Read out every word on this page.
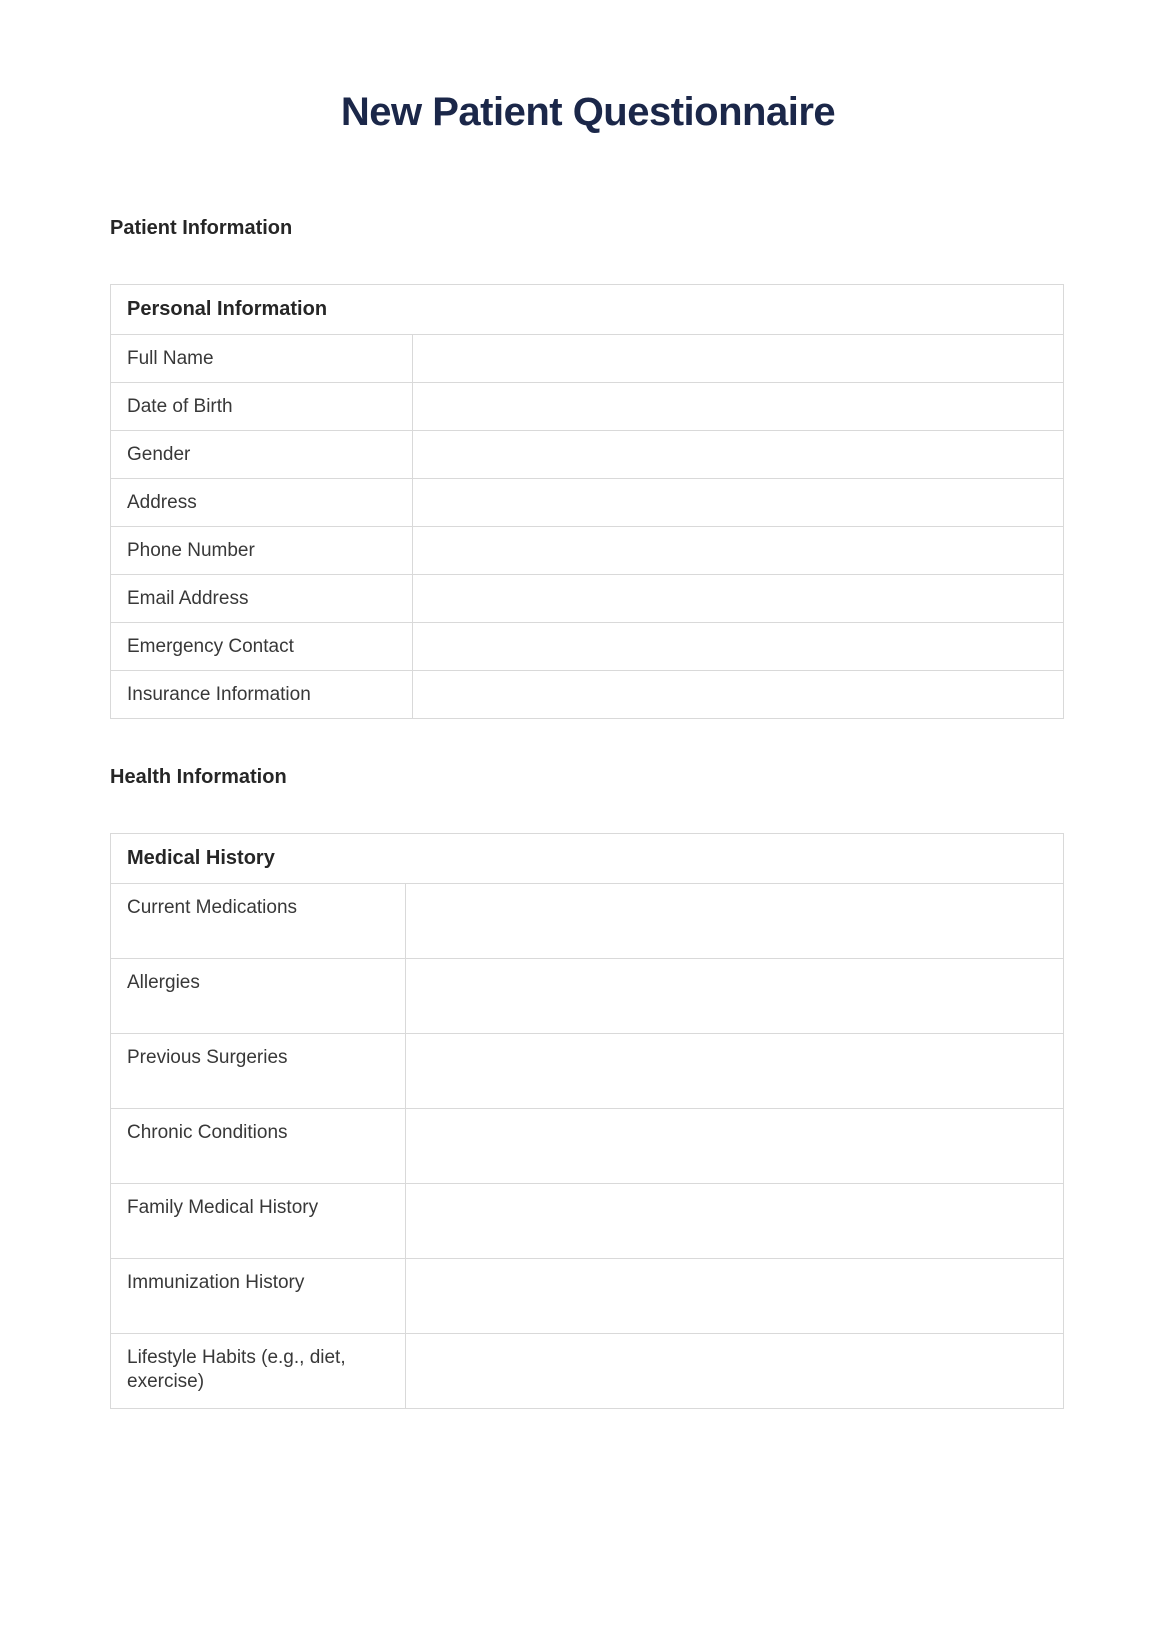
New Patient Questionnaire
Patient Information
Personal Information	
Full Name	
Date of Birth	
Gender	
Address	
Phone Number	
Email Address	
Emergency Contact	
Insurance Information	
Health Information
Medical History	
Current Medications	
Allergies	
Previous Surgeries	
Chronic Conditions	
Family Medical History	
Immunization History	
Lifestyle Habits (e.g., diet, exercise)	
